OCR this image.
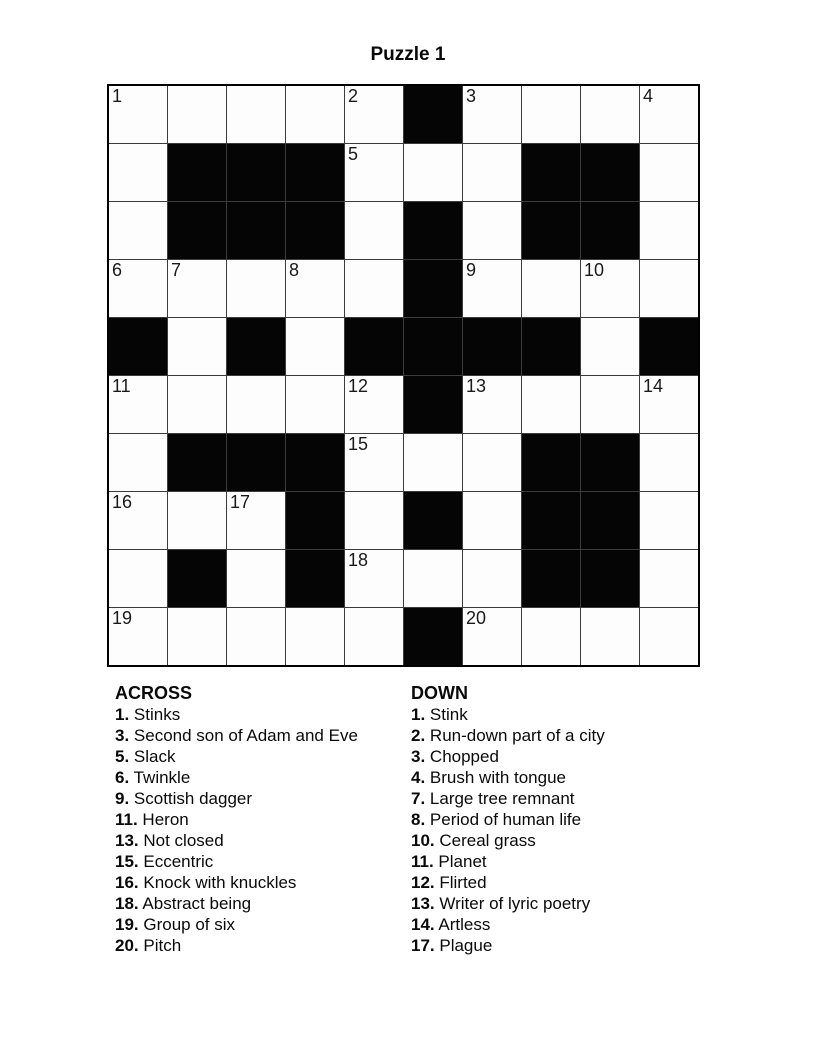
Puzzle 1
1	2	3	4
5
6	7	8	9	10
11	12	13	14
15
16	17
18
19	20
ACROSS
1. Stinks
3. Second son of Adam and Eve
5. Slack
6. Twinkle
9. Scottish dagger
11. Heron
13. Not closed
15. Eccentric
16. Knock with knuckles
18. Abstract being
19. Group of six
20. Pitch
DOWN
1. Stink
2. Run-down part of a city
3. Chopped
4. Brush with tongue
7. Large tree remnant
8. Period of human life
10. Cereal grass
11. Planet
12. Flirted
13. Writer of lyric poetry
14. Artless
17. Plague
